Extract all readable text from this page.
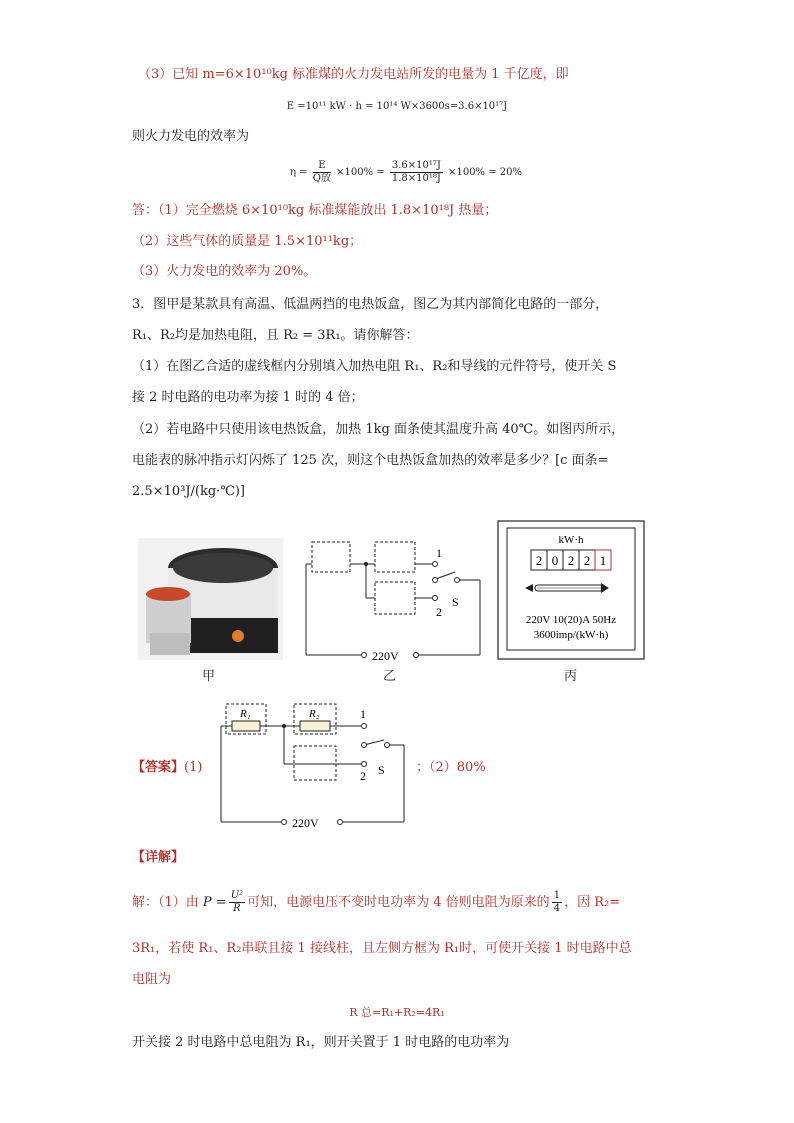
（3）已知 m=6×10¹⁰kg 标准煤的火力发电站所发的电量为 1 千亿度，即
E =10¹¹ kW · h = 10¹⁴ W×3600s=3.6×10¹⁷J
则火力发电的效率为
$\eta = \frac{E}{\text{Q放}} \times 100\% = \frac{\text{3.6×10¹⁷J}}{\text{1.8×10¹⁸J}} \times 100\% = 20\%$
答：（1）完全燃烧 6×10¹⁰kg 标准煤能放出 1.8×10¹⁸J 热量；
（2）这些气体的质量是 1.5×10¹¹kg；
（3）火力发电的效率为 20%。
3．图甲是某款具有高温、低温两挡的电热饭盒，图乙为其内部简化电路的一部分，
R₁、R₂均是加热电阻，且 R₂ = 3R₁。请你解答：
（1）在图乙合适的虚线框内分别填入加热电阻 R₁、R₂和导线的元件符号，使开关 S
接 2 时电路的电功率为接 1 时的 4 倍；
（2）若电路中只使用该电热饭盒，加热 1kg 面条使其温度升高 40℃。如图丙所示，
电能表的脉冲指示灯闪烁了 125 次，则这个电热饭盒加热的效率是多少？[c 面条=
2.5×10³J/(kg·℃)]
甲
1
2
S
220V
乙
kW·h
2 0 2 2 1
220V 10(20)A 50Hz
3600imp/(kW·h)
丙
【答案】(1)
R₁	R₂	1
2 S
220V
；（2）80%
【详解】
解：（1）由 $P = \frac{\text{U²}}{R}$ 可知，电源电压不变时电功率为 4 倍则电阻为原来的 $\frac{1}{4}$ ，因 R₂=
3R₁，若使 R₁、R₂串联且接 1 接线柱，且左侧方框为 R₁时，可使开关接 1 时电路中总
电阻为
R 总=R₁+R₂=4R₁
开关接 2 时电路中总电阻为 R₁，则开关置于 1 时电路的电功率为
